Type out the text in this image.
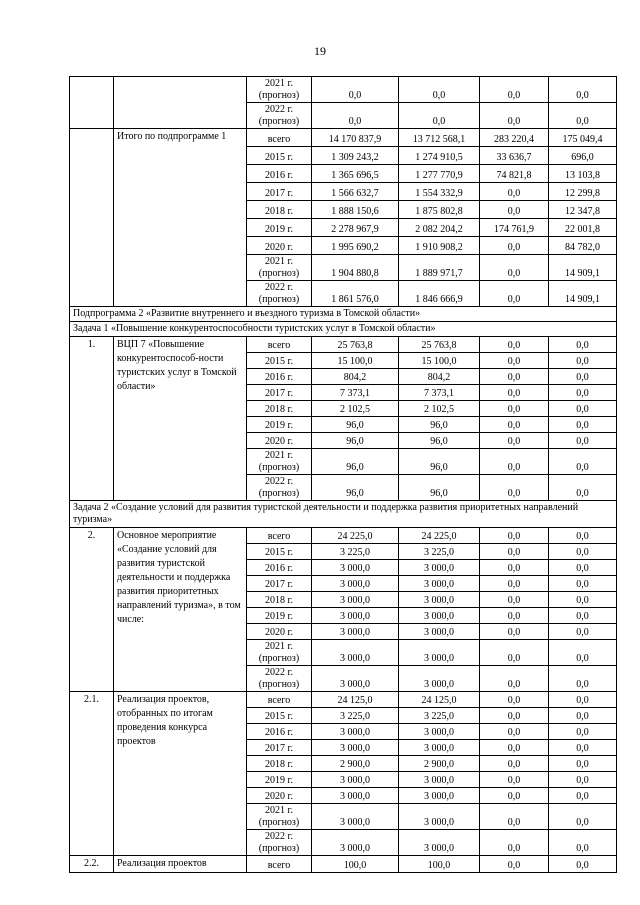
19
		2021 г. (прогноз)	0,0	0,0	0,0	0,0
		2022 г. (прогноз)	0,0	0,0	0,0	0,0
	Итого по подпрограмме 1	всего	14 170 837,9	13 712 568,1	283 220,4	175 049,4
		2015 г.	1 309 243,2	1 274 910,5	33 636,7	696,0
		2016 г.	1 365 696,5	1 277 770,9	74 821,8	13 103,8
		2017 г.	1 566 632,7	1 554 332,9	0,0	12 299,8
		2018 г.	1 888 150,6	1 875 802,8	0,0	12 347,8
		2019 г.	2 278 967,9	2 082 204,2	174 761,9	22 001,8
		2020 г.	1 995 690,2	1 910 908,2	0,0	84 782,0
		2021 г. (прогноз)	1 904 880,8	1 889 971,7	0,0	14 909,1
		2022 г. (прогноз)	1 861 576,0	1 846 666,9	0,0	14 909,1
Подпрограмма 2 «Развитие внутреннего и въездного туризма в Томской области»						
Задача 1 «Повышение конкурентоспособности туристских услуг в Томской области»						
1.	ВЦП 7 «Повышение конкурентоспособ-ности туристских услуг в Томской области»	всего	25 763,8	25 763,8	0,0	0,0
		2015 г.	15 100,0	15 100,0	0,0	0,0
		2016 г.	804,2	804,2	0,0	0,0
		2017 г.	7 373,1	7 373,1	0,0	0,0
		2018 г.	2 102,5	2 102,5	0,0	0,0
		2019 г.	96,0	96,0	0,0	0,0
		2020 г.	96,0	96,0	0,0	0,0
		2021 г. (прогноз)	96,0	96,0	0,0	0,0
		2022 г. (прогноз)	96,0	96,0	0,0	0,0
Задача 2 «Создание условий для развития туристской деятельности и поддержка развития приоритетных направлений туризма»						
2.	Основное мероприятие «Создание условий для развития туристской деятельности и поддержка развития приоритетных направлений туризма», в том числе:	всего	24 225,0	24 225,0	0,0	0,0
		2015 г.	3 225,0	3 225,0	0,0	0,0
		2016 г.	3 000,0	3 000,0	0,0	0,0
		2017 г.	3 000,0	3 000,0	0,0	0,0
		2018 г.	3 000,0	3 000,0	0,0	0,0
		2019 г.	3 000,0	3 000,0	0,0	0,0
		2020 г.	3 000,0	3 000,0	0,0	0,0
		2021 г. (прогноз)	3 000,0	3 000,0	0,0	0,0
		2022 г. (прогноз)	3 000,0	3 000,0	0,0	0,0
2.1.	Реализация проектов, отобранных по итогам проведения конкурса проектов	всего	24 125,0	24 125,0	0,0	0,0
		2015 г.	3 225,0	3 225,0	0,0	0,0
		2016 г.	3 000,0	3 000,0	0,0	0,0
		2017 г.	3 000,0	3 000,0	0,0	0,0
		2018 г.	2 900,0	2 900,0	0,0	0,0
		2019 г.	3 000,0	3 000,0	0,0	0,0
		2020 г.	3 000,0	3 000,0	0,0	0,0
		2021 г. (прогноз)	3 000,0	3 000,0	0,0	0,0
		2022 г. (прогноз)	3 000,0	3 000,0	0,0	0,0
2.2.	Реализация проектов	всего	100,0	100,0	0,0	0,0
